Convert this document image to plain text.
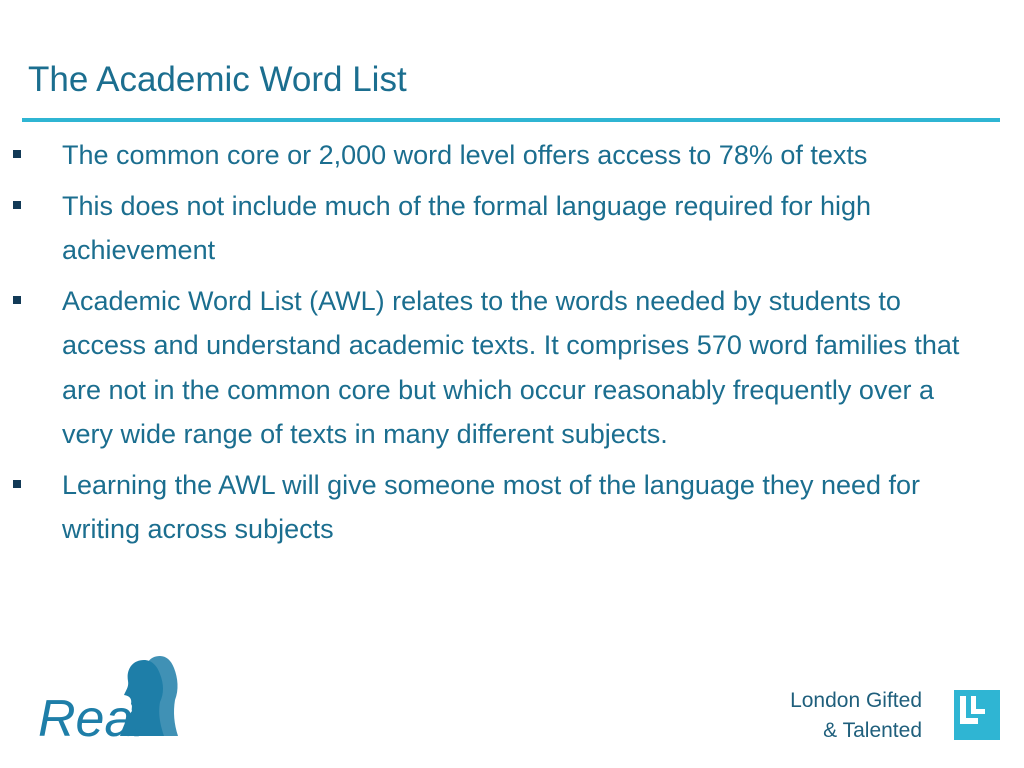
The Academic Word List
The common core or 2,000 word level offers access to 78% of texts
This does not include much of the formal language required for high achievement
Academic Word List (AWL) relates to the words needed by students to access and understand academic texts. It comprises 570 word families that are not in the common core but which occur reasonably frequently over a very wide range of texts in many different subjects.
Learning the AWL will give someone most of the language they need for writing across subjects
Real	London Gifted
& Talented
